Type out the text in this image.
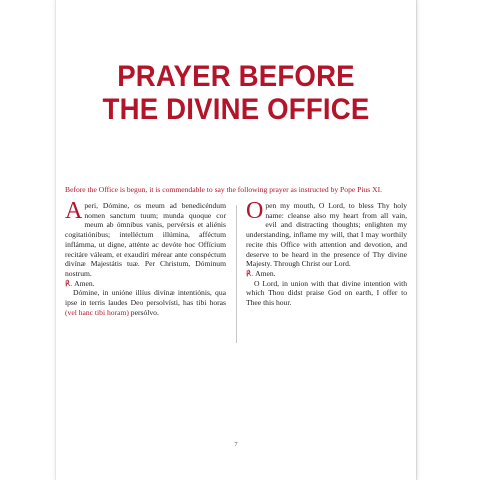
PRAYER BEFORE
THE DIVINE OFFICE

Before the Office is begun, it is commendable to say the following prayer as instructed by Pope Pius XI.

Aperi, Dómine, os meum ad benedicéndum nomen sanctum tuum; munda quoque cor meum ab ómnibus vanis, pervérsis et aliénis cogitatiónibus; intelléctum illúmina, afféctum inflámma, ut digne, atténte ac devóte hoc Offícium recitáre váleam, et exaudíri mérear ante conspéctum divínæ Majestátis tuæ. Per Christum, Dóminum nostrum.

℟. Amen.

Dómine, in unióne illíus divínæ intentiónis, qua ipse in terris laudes Deo persolvísti, has tibi horas (vel hanc tibi horam) persólvo.

Open my mouth, O Lord, to bless Thy holy name: cleanse also my heart from all vain, evil and distracting thoughts; enlighten my understanding, inflame my will, that I may worthily recite this Office with attention and devotion, and deserve to be heard in the presence of Thy divine Majesty. Through Christ our Lord.

℟. Amen.

O Lord, in union with that divine intention with which Thou didst praise God on earth, I offer to Thee this hour.

7
